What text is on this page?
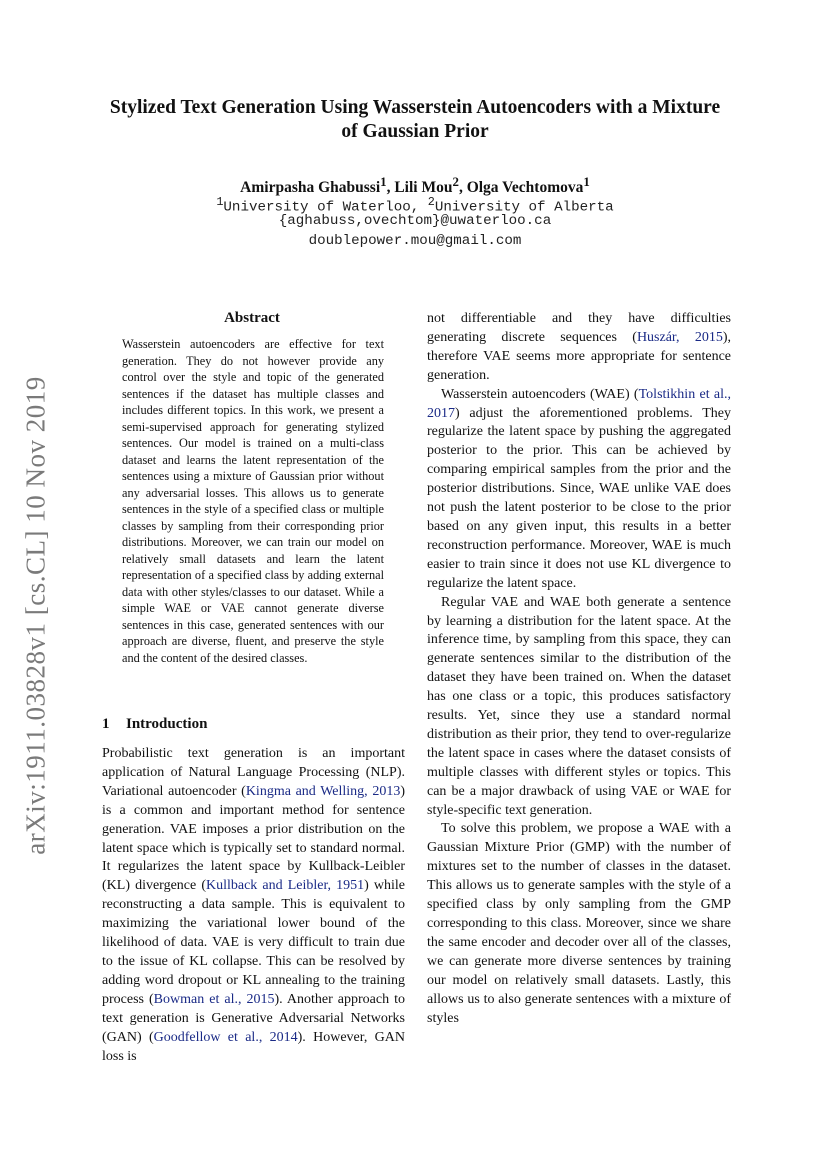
arXiv:1911.03828v1 [cs.CL] 10 Nov 2019
Stylized Text Generation Using Wasserstein Autoencoders with a Mixture
of Gaussian Prior
Amirpasha Ghabussi$^1$, Lili Mou$^2$, Olga Vechtomova$^1$
$^1$University of Waterloo, $^2$University of Alberta
{aghabuss,ovechtom}@uwaterloo.ca
doublepower.mou@gmail.com
Abstract

Wasserstein autoencoders are effective for text generation. They do not however provide any control over the style and topic of the generated sentences if the dataset has multiple classes and includes different topics. In this work, we present a semi-supervised approach for generating stylized sentences. Our model is trained on a multi-class dataset and learns the latent representation of the sentences using a mixture of Gaussian prior without any adversarial losses. This allows us to generate sentences in the style of a specified class or multiple classes by sampling from their corresponding prior distributions. Moreover, we can train our model on relatively small datasets and learn the latent representation of a specified class by adding external data with other styles/classes to our dataset. While a simple WAE or VAE cannot generate diverse sentences in this case, generated sentences with our approach are diverse, fluent, and preserve the style and the content of the desired classes.

1 Introduction

Probabilistic text generation is an important application of Natural Language Processing (NLP). Variational autoencoder (Kingma and Welling, 2013) is a common and important method for sentence generation. VAE imposes a prior distribution on the latent space which is typically set to standard normal. It regularizes the latent space by Kullback-Leibler (KL) divergence (Kullback and Leibler, 1951) while reconstructing a data sample. This is equivalent to maximizing the variational lower bound of the likelihood of data. VAE is very difficult to train due to the issue of KL collapse. This can be resolved by adding word dropout or KL annealing to the training process (Bowman et al., 2015). Another approach to text generation is Generative Adversarial Networks (GAN) (Goodfellow et al., 2014). However, GAN loss is

not differentiable and they have difficulties generating discrete sequences (Huszár, 2015), therefore VAE seems more appropriate for sentence generation.

Wasserstein autoencoders (WAE) (Tolstikhin et al., 2017) adjust the aforementioned problems. They regularize the latent space by pushing the aggregated posterior to the prior. This can be achieved by comparing empirical samples from the prior and the posterior distributions. Since, WAE unlike VAE does not push the latent posterior to be close to the prior based on any given input, this results in a better reconstruction performance. Moreover, WAE is much easier to train since it does not use KL divergence to regularize the latent space.

Regular VAE and WAE both generate a sentence by learning a distribution for the latent space. At the inference time, by sampling from this space, they can generate sentences similar to the distribution of the dataset they have been trained on. When the dataset has one class or a topic, this produces satisfactory results. Yet, since they use a standard normal distribution as their prior, they tend to over-regularize the latent space in cases where the dataset consists of multiple classes with different styles or topics. This can be a major drawback of using VAE or WAE for style-specific text generation.

To solve this problem, we propose a WAE with a Gaussian Mixture Prior (GMP) with the number of mixtures set to the number of classes in the dataset. This allows us to generate samples with the style of a specified class by only sampling from the GMP corresponding to this class. Moreover, since we share the same encoder and decoder over all of the classes, we can generate more diverse sentences by training our model on relatively small datasets. Lastly, this allows us to also generate sentences with a mixture of styles
